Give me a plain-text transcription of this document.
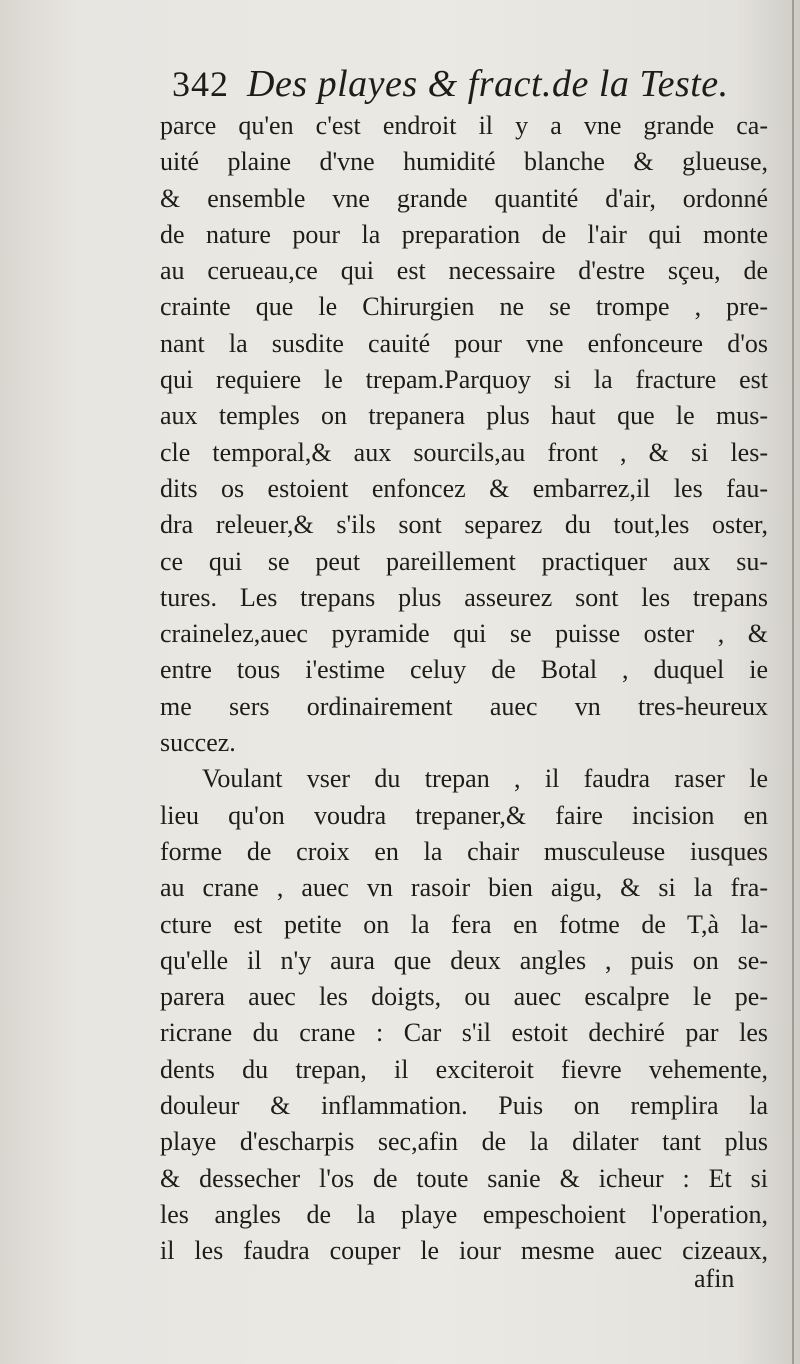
342 Des playes & fract.de la Teste.
parce qu'en c'est endroit il y a vne grande ca-
uité plaine d'vne humidité blanche & glueuse,
& ensemble vne grande quantité d'air, ordonné
de nature pour la preparation de l'air qui monte
au cerueau,ce qui est necessaire d'estre sçeu, de
crainte que le Chirurgien ne se trompe , pre-
nant la susdite cauité pour vne enfonceure d'os
qui requiere le trepam.Parquoy si la fracture est
aux temples on trepanera plus haut que le mus-
cle temporal,& aux sourcils,au front , & si les-
dits os estoient enfoncez & embarrez,il les fau-
dra releuer,& s'ils sont separez du tout,les oster,
ce qui se peut pareillement practiquer aux su-
tures. Les trepans plus asseurez sont les trepans
crainelez,auec pyramide qui se puisse oster , &
entre tous i'estime celuy de Botal , duquel ie
me sers ordinairement auec vn tres-heureux
succez.
Voulant vser du trepan , il faudra raser le
lieu qu'on voudra trepaner,& faire incision en
forme de croix en la chair musculeuse iusques
au crane , auec vn rasoir bien aigu, & si la fra-
cture est petite on la fera en fotme de T,à la-
qu'elle il n'y aura que deux angles , puis on se-
parera auec les doigts, ou auec escalpre le pe-
ricrane du crane : Car s'il estoit dechiré par les
dents du trepan, il exciteroit fievre vehemente,
douleur & inflammation. Puis on remplira la
playe d'escharpis sec,afin de la dilater tant plus
& dessecher l'os de toute sanie & icheur : Et si
les angles de la playe empeschoient l'operation,
il les faudra couper le iour mesme auec cizeaux,
afin
